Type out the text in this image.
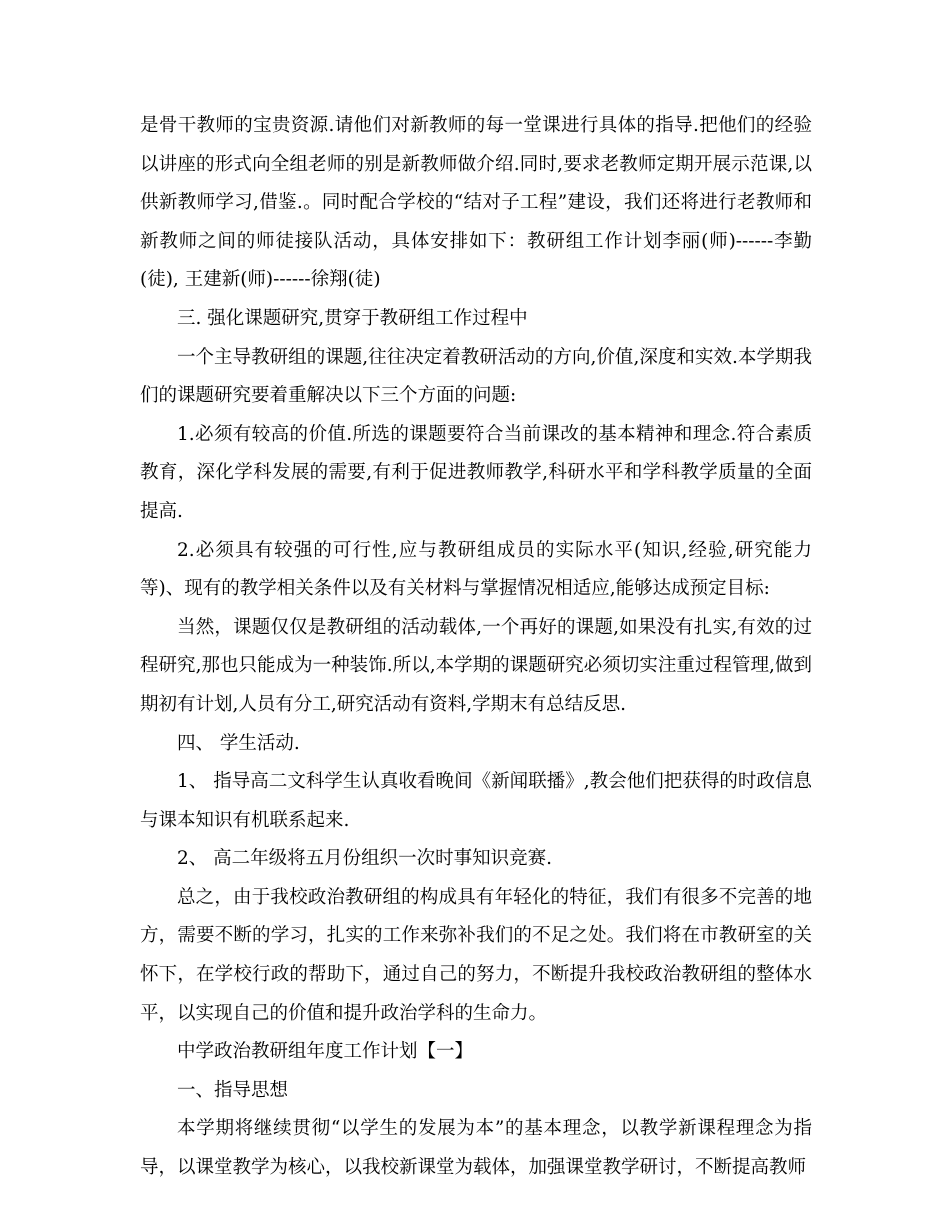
是骨干教师的宝贵资源.请他们对新教师的每一堂课进行具体的指导.把他们的经验以讲座的形式向全组老师的别是新教师做介绍.同时,要求老教师定期开展示范课,以供新教师学习,借鉴.。同时配合学校的“结对子工程”建设，我们还将进行老教师和新教师之间的师徒接队活动，具体安排如下：教研组工作计划李丽(师)------李勤(徒), 王建新(师)------徐翔(徒)

三. 强化课题研究,贯穿于教研组工作过程中

一个主导教研组的课题,往往决定着教研活动的方向,价值,深度和实效.本学期我们的课题研究要着重解决以下三个方面的问题:

1.必须有较高的价值.所选的课题要符合当前课改的基本精神和理念.符合素质教育，深化学科发展的需要,有利于促进教师教学,科研水平和学科教学质量的全面提高.

2.必须具有较强的可行性,应与教研组成员的实际水平(知识,经验,研究能力等)、现有的教学相关条件以及有关材料与掌握情况相适应,能够达成预定目标:

当然，课题仅仅是教研组的活动载体,一个再好的课题,如果没有扎实,有效的过程研究,那也只能成为一种装饰.所以,本学期的课题研究必须切实注重过程管理,做到期初有计划,人员有分工,研究活动有资料,学期末有总结反思.

四、 学生活动.

1、 指导高二文科学生认真收看晚间《新闻联播》,教会他们把获得的时政信息与课本知识有机联系起来.

2、 高二年级将五月份组织一次时事知识竞赛.

总之，由于我校政治教研组的构成具有年轻化的特征，我们有很多不完善的地方，需要不断的学习，扎实的工作来弥补我们的不足之处。我们将在市教研室的关怀下，在学校行政的帮助下，通过自己的努力，不断提升我校政治教研组的整体水平，以实现自己的价值和提升政治学科的生命力。

中学政治教研组年度工作计划【一】

一、指导思想

本学期将继续贯彻“以学生的发展为本”的基本理念，以教学新课程理念为指导，以课堂教学为核心，以我校新课堂为载体，加强课堂教学研讨，不断提高教师
